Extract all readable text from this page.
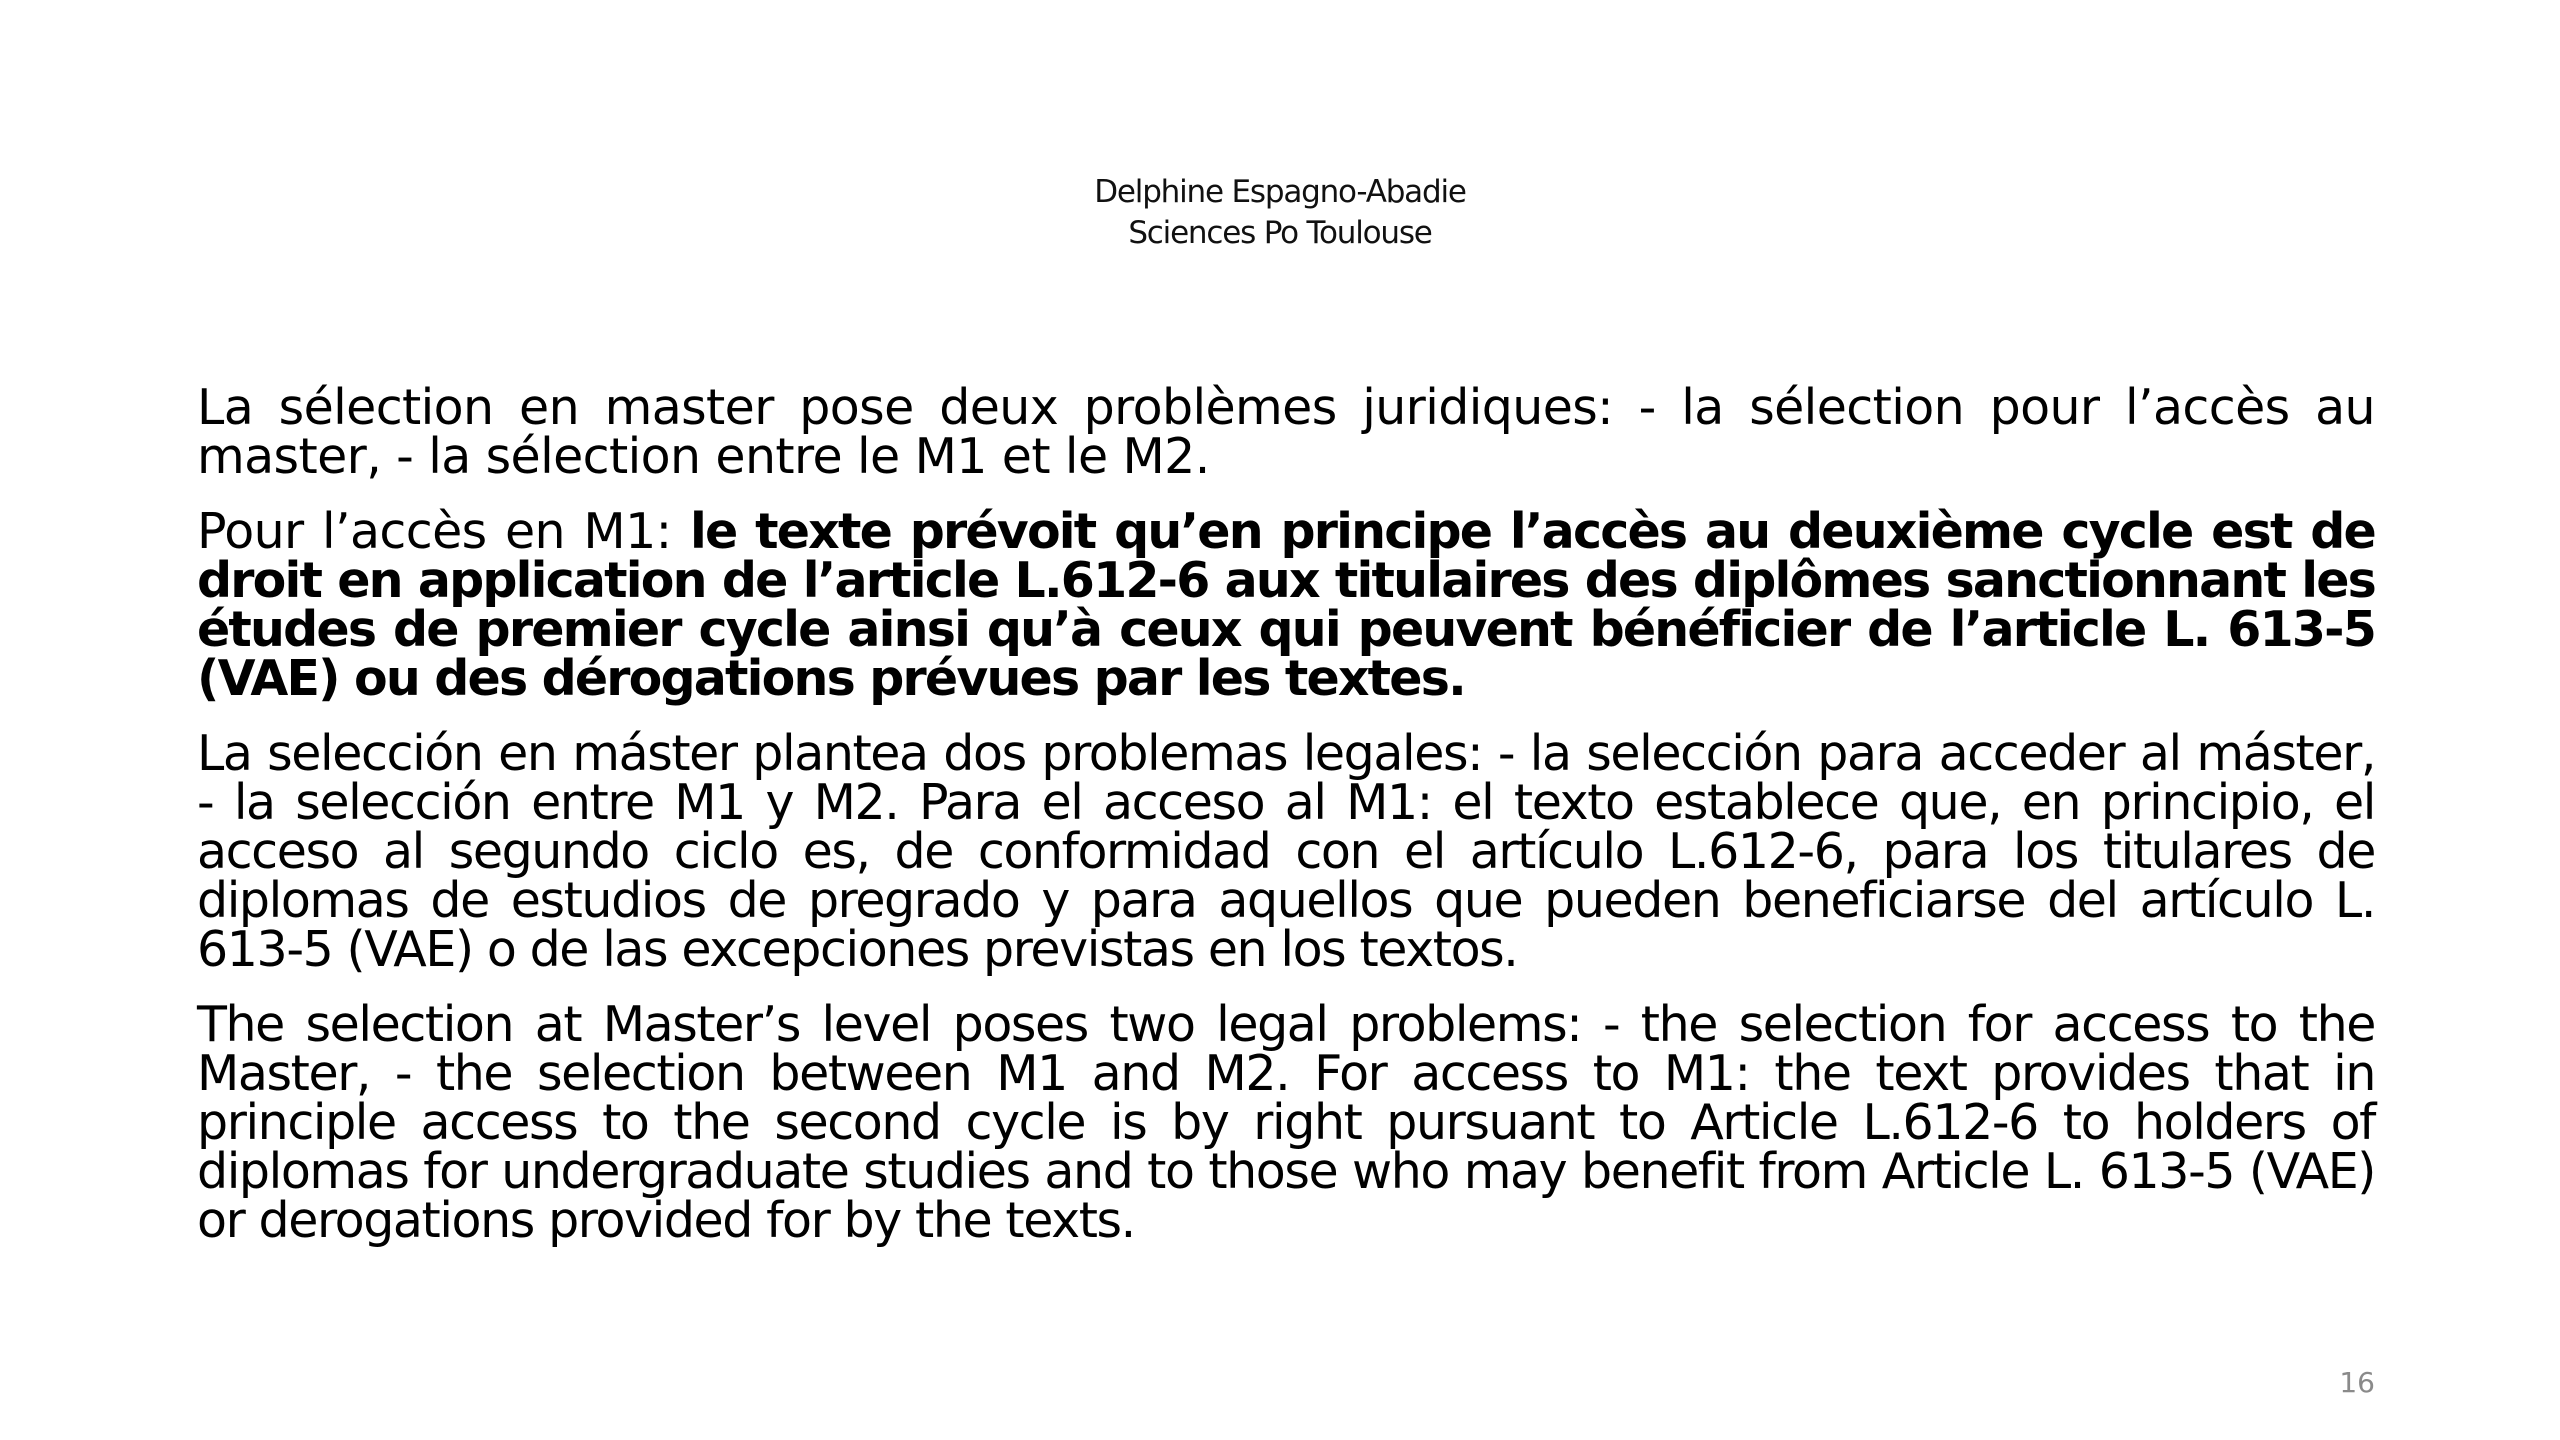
Delphine Espagno-Abadie
Sciences Po Toulouse

La sélection en master pose deux problèmes juridiques: - la sélection pour l’accès au master, - la sélection entre le M1 et le M2.

Pour l’accès en M1: le texte prévoit qu’en principe l’accès au deuxième cycle est de droit en application de l’article L.612-6 aux titulaires des diplômes sanctionnant les études de premier cycle ainsi qu’à ceux qui peuvent bénéficier de l’article L. 613-5 (VAE) ou des dérogations prévues par les textes.

La selección en máster plantea dos problemas legales: - la selección para acceder al máster, - la selección entre M1 y M2. Para el acceso al M1: el texto establece que, en principio, el acceso al segundo ciclo es, de conformidad con el artículo L.612-6, para los titulares de diplomas de estudios de pregrado y para aquellos que pueden beneficiarse del artículo L. 613-5 (VAE) o de las excepciones previstas en los textos.

The selection at Master’s level poses two legal problems: - the selection for access to the Master, - the selection between M1 and M2. For access to M1: the text provides that in principle access to the second cycle is by right pursuant to Article L.612-6 to holders of diplomas for undergraduate studies and to those who may benefit from Article L. 613-5 (VAE) or derogations provided for by the texts.

16
